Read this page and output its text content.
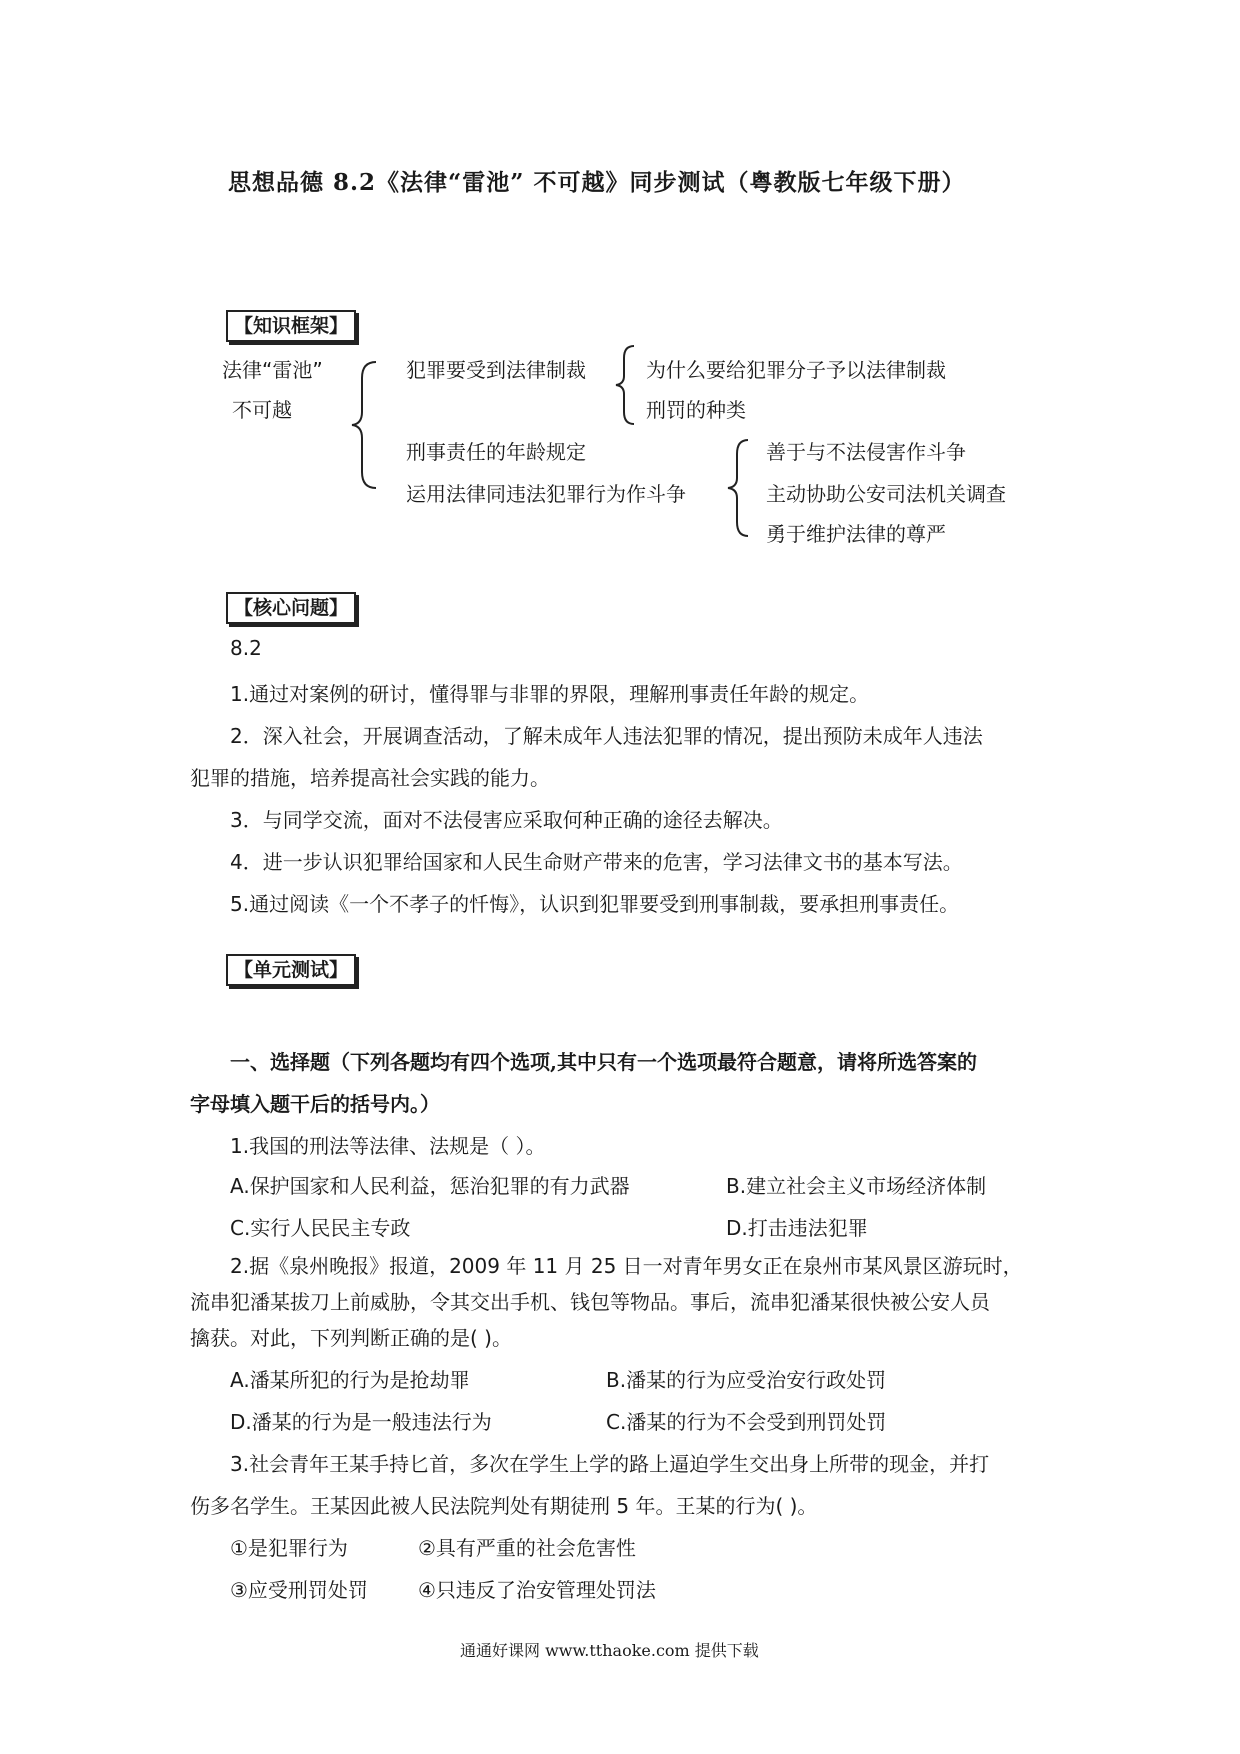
思想品德 8.2《法律“雷池” 不可越》同步测试（粤教版七年级下册）
【知识框架】
法律“雷池”
不可越
犯罪要受到法律制裁	为什么要给犯罪分子予以法律制裁
刑罚的种类
刑事责任的年龄规定
运用法律同违法犯罪行为作斗争
善于与不法侵害作斗争
主动协助公安司法机关调查
勇于维护法律的尊严
【核心问题】
8.2
1.通过对案例的研讨，懂得罪与非罪的界限，理解刑事责任年龄的规定。
2．深入社会，开展调查活动，了解未成年人违法犯罪的情况，提出预防未成年人违法
犯罪的措施，培养提高社会实践的能力。
3．与同学交流，面对不法侵害应采取何种正确的途径去解决。
4．进一步认识犯罪给国家和人民生命财产带来的危害，学习法律文书的基本写法。
5.通过阅读《一个不孝子的忏悔》，认识到犯罪要受到刑事制裁，要承担刑事责任。
【单元测试】
一、选择题（下列各题均有四个选项,其中只有一个选项最符合题意，请将所选答案的
字母填入题干后的括号内。）
1.我国的刑法等法律、法规是（ ）。
A.保护国家和人民利益，惩治犯罪的有力武器	B.建立社会主义市场经济体制
C.实行人民民主专政	D.打击违法犯罪
2.据《泉州晚报》报道，2009 年 11 月 25 日一对青年男女正在泉州市某风景区游玩时，
流串犯潘某拔刀上前威胁，令其交出手机、钱包等物品。事后，流串犯潘某很快被公安人员
擒获。对此，下列判断正确的是( )。
A.潘某所犯的行为是抢劫罪	B.潘某的行为应受治安行政处罚
D.潘某的行为是一般违法行为	C.潘某的行为不会受到刑罚处罚
3.社会青年王某手持匕首，多次在学生上学的路上逼迫学生交出身上所带的现金，并打
伤多名学生。王某因此被人民法院判处有期徒刑 5 年。王某的行为( )。
①是犯罪行为	②具有严重的社会危害性
③应受刑罚处罚	④只违反了治安管理处罚法
通通好课网 www.tthaoke.com 提供下载
